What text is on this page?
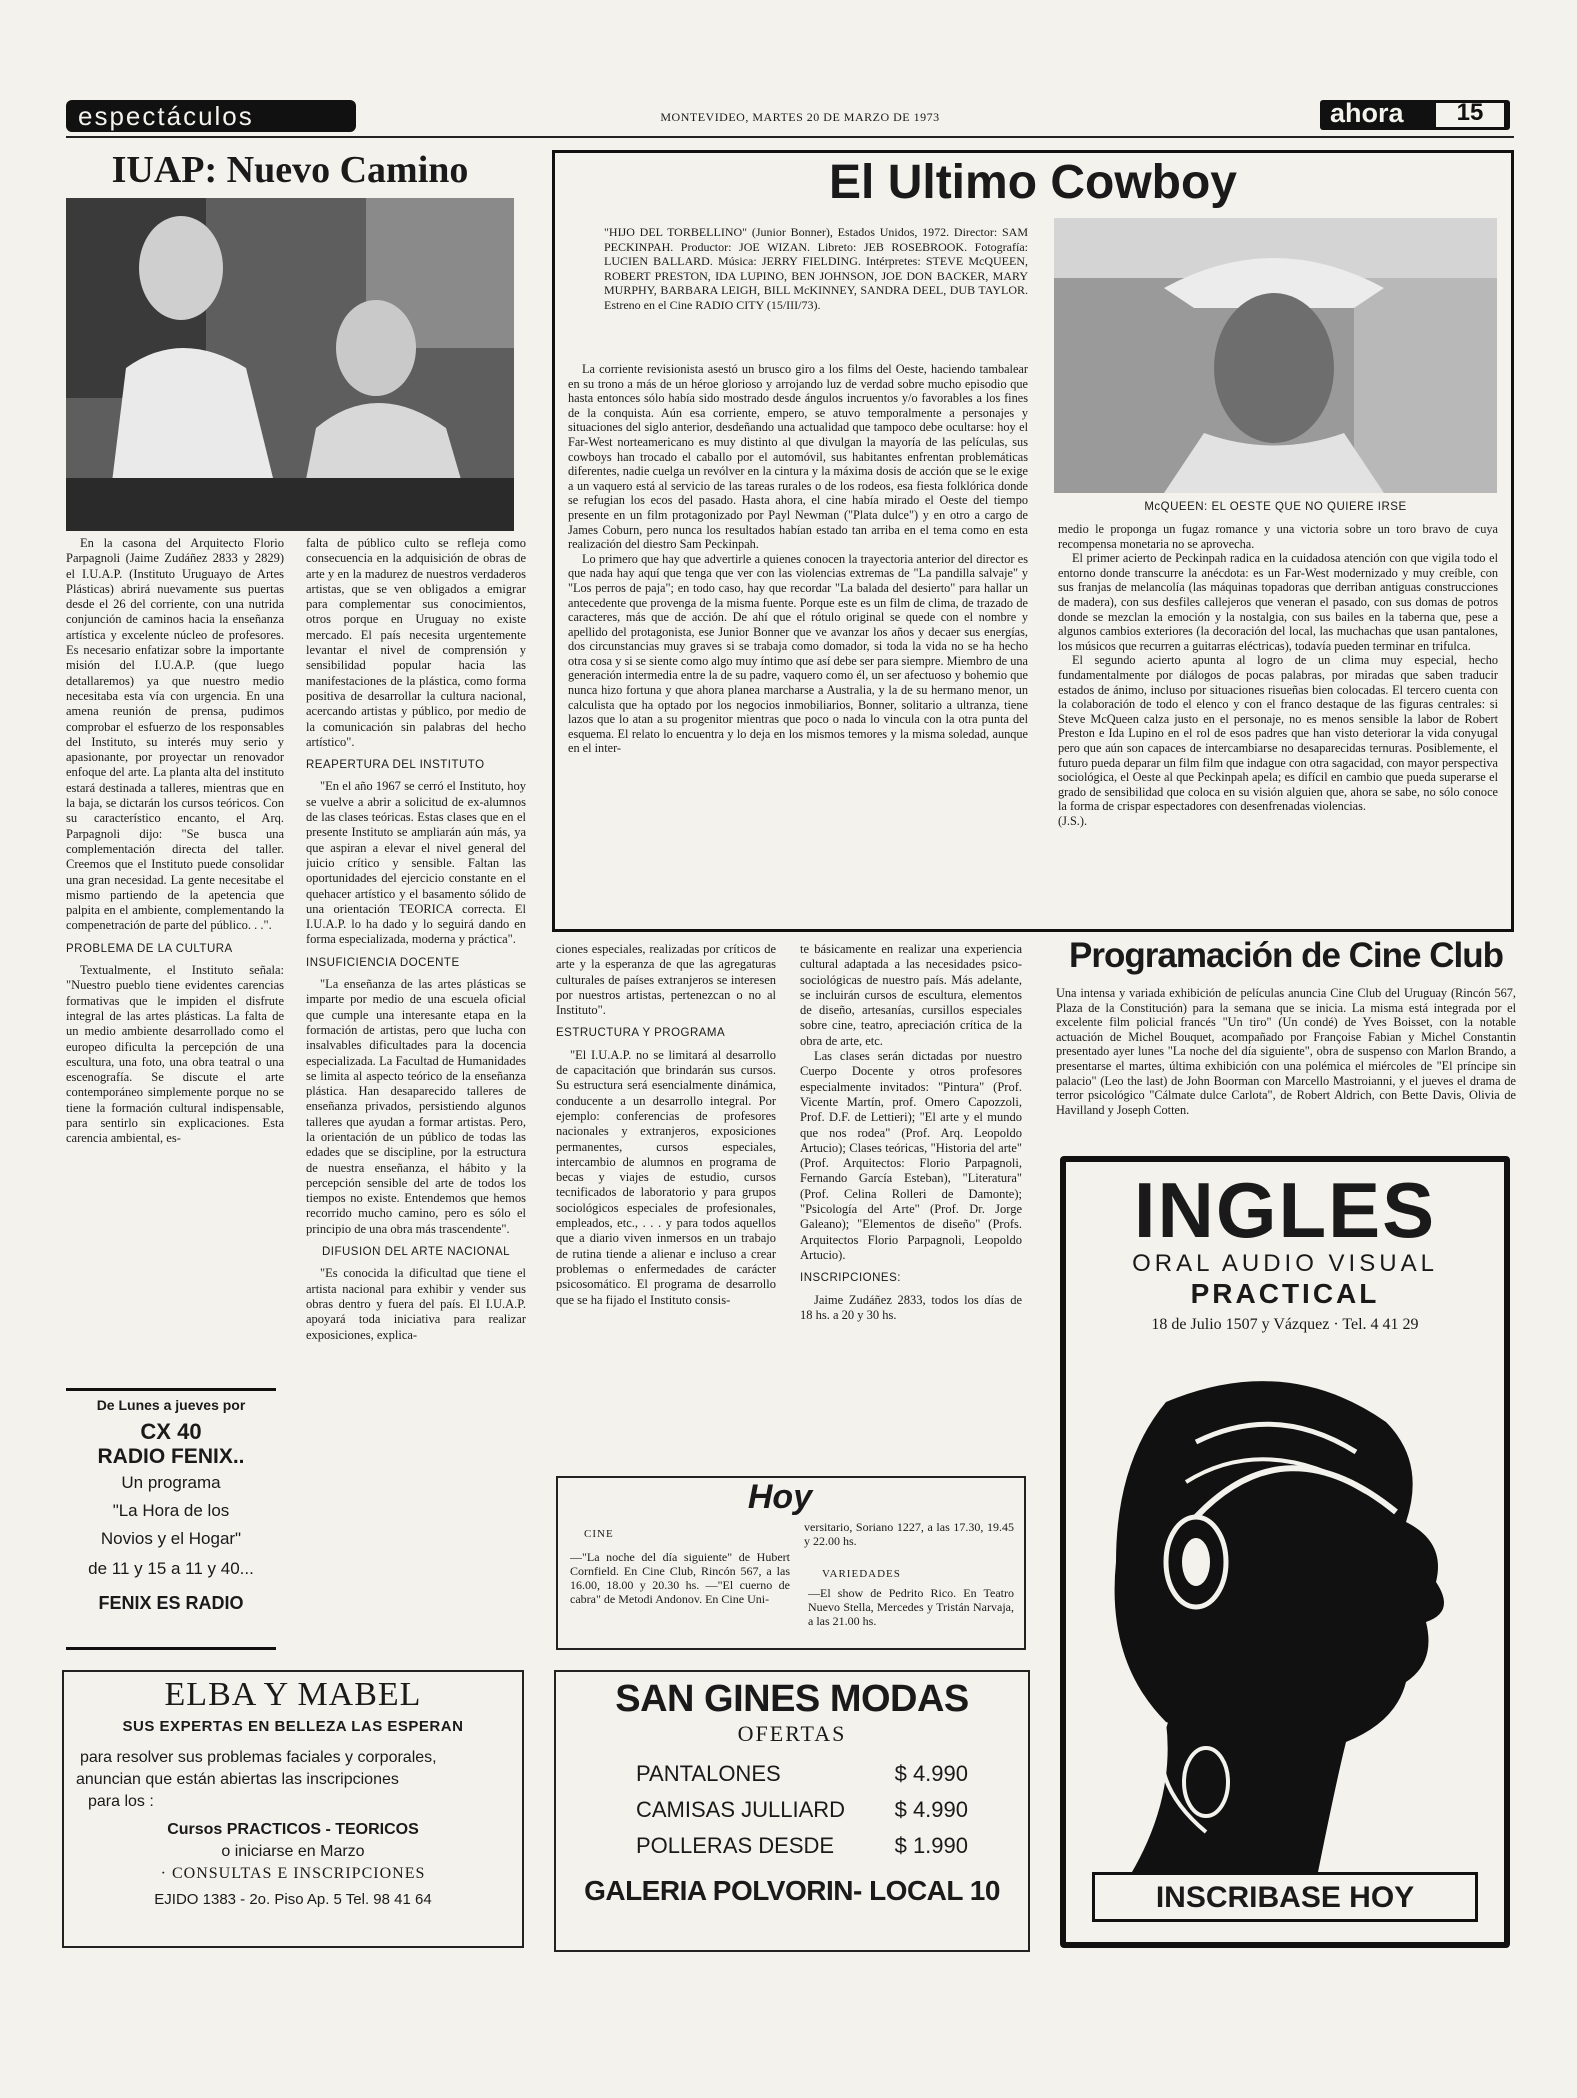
espectáculos	MONTEVIDEO, MARTES 20 DE MARZO DE 1973	ahora	15
IUAP: Nuevo Camino

En la casona del Arquitecto Florio Parpagnoli (Jaime Zudáñez 2833 y 2829) el I.U.A.P. (Instituto Uruguayo de Artes Plásticas) abrirá nuevamente sus puertas desde el 26 del corriente, con una nutrida conjunción de caminos hacia la enseñanza artística y excelente núcleo de profesores. Es necesario enfatizar sobre la importante misión del I.U.A.P. (que luego detallaremos) ya que nuestro medio necesitaba esta vía con urgencia. En una amena reunión de prensa, pudimos comprobar el esfuerzo de los responsables del Instituto, su interés muy serio y apasionante, por proyectar un renovador enfoque del arte. La planta alta del instituto estará destinada a talleres, mientras que en la baja, se dictarán los cursos teóricos. Con su característico encanto, el Arq. Parpagnoli dijo: "Se busca una complementación directa del taller. Creemos que el Instituto puede consolidar una gran necesidad. La gente necesitabe el mismo partiendo de la apetencia que palpita en el ambiente, complementando la compenetración de parte del público. . .".

PROBLEMA DE LA CULTURA

Textualmente, el Instituto señala: "Nuestro pueblo tiene evidentes carencias formativas que le impiden el disfrute integral de las artes plásticas. La falta de un medio ambiente desarrollado como el europeo dificulta la percepción de una escultura, una foto, una obra teatral o una escenografía. Se discute el arte contemporáneo simplemente porque no se tiene la formación cultural indispensable, para sentirlo sin explicaciones. Esta carencia ambiental, es-

falta de público culto se refleja como consecuencia en la adquisición de obras de arte y en la madurez de nuestros verdaderos artistas, que se ven obligados a emigrar para complementar sus conocimientos, otros porque en Uruguay no existe mercado. El país necesita urgentemente levantar el nivel de comprensión y sensibilidad popular hacia las manifestaciones de la plástica, como forma positiva de desarrollar la cultura nacional, acercando artistas y público, por medio de la comunicación sin palabras del hecho artístico".

REAPERTURA DEL INSTITUTO

"En el año 1967 se cerró el Instituto, hoy se vuelve a abrir a solicitud de ex-alumnos de las clases teóricas. Estas clases que en el presente Instituto se ampliarán aún más, ya que aspiran a elevar el nivel general del juicio crítico y sensible. Faltan las oportunidades del ejercicio constante en el quehacer artístico y el basamento sólido de una orientación TEORICA correcta. El I.U.A.P. lo ha dado y lo seguirá dando en forma especializada, moderna y práctica".

INSUFICIENCIA DOCENTE

"La enseñanza de las artes plásticas se imparte por medio de una escuela oficial que cumple una interesante etapa en la formación de artistas, pero que lucha con insalvables dificultades para la docencia especializada. La Facultad de Humanidades se limita al aspecto teórico de la enseñanza plástica. Han desaparecido talleres de enseñanza privados, persistiendo algunos talleres que ayudan a formar artistas. Pero, la orientación de un público de todas las edades que se discipline, por la estructura de nuestra enseñanza, el hábito y la percepción sensible del arte de todos los tiempos no existe. Entendemos que hemos recorrido mucho camino, pero es sólo el principio de una obra más trascendente".

DIFUSION DEL ARTE NACIONAL

"Es conocida la dificultad que tiene el artista nacional para exhibir y vender sus obras dentro y fuera del país. El I.U.A.P. apoyará toda iniciativa para realizar exposiciones, explica-

ciones especiales, realizadas por críticos de arte y la esperanza de que las agregaturas culturales de países extranjeros se interesen por nuestros artistas, pertenezcan o no al Instituto".

ESTRUCTURA Y PROGRAMA

"El I.U.A.P. no se limitará al desarrollo de capacitación que brindarán sus cursos. Su estructura será esencialmente dinámica, conducente a un desarrollo integral. Por ejemplo: conferencias de profesores nacionales y extranjeros, exposiciones permanentes, cursos especiales, intercambio de alumnos en programa de becas y viajes de estudio, cursos tecnificados de laboratorio y para grupos sociológicos especiales de profesionales, empleados, etc., . . . y para todos aquellos que a diario viven inmersos en un trabajo de rutina tiende a alienar e incluso a crear problemas o enfermedades de carácter psicosomático. El programa de desarrollo que se ha fijado el Instituto consis-

te básicamente en realizar una experiencia cultural adaptada a las necesidades psico-sociológicas de nuestro país. Más adelante, se incluirán cursos de escultura, elementos de diseño, artesanías, cursillos especiales sobre cine, teatro, apreciación crítica de la obra de arte, etc.

Las clases serán dictadas por nuestro Cuerpo Docente y otros profesores especialmente invitados: "Pintura" (Prof. Vicente Martín, prof. Omero Capozzoli, Prof. D.F. de Lettieri); "El arte y el mundo que nos rodea" (Prof. Arq. Leopoldo Artucio); Clases teóricas, "Historia del arte" (Prof. Arquitectos: Florio Parpagnoli, Fernando García Esteban), "Literatura" (Prof. Celina Rolleri de Damonte); "Psicología del Arte" (Prof. Dr. Jorge Galeano); "Elementos de diseño" (Profs. Arquitectos Florio Parpagnoli, Leopoldo Artucio).

INSCRIPCIONES:

Jaime Zudáñez 2833, todos los días de 18 hs. a 20 y 30 hs.

El Ultimo Cowboy
"HIJO DEL TORBELLINO" (Junior Bonner), Estados Unidos, 1972. Director: SAM PECKINPAH. Productor: JOE WIZAN. Libreto: JEB ROSEBROOK. Fotografía: LUCIEN BALLARD. Música: JERRY FIELDING. Intérpretes: STEVE McQUEEN, ROBERT PRESTON, IDA LUPINO, BEN JOHNSON, JOE DON BACKER, MARY MURPHY, BARBARA LEIGH, BILL McKINNEY, SANDRA DEEL, DUB TAYLOR. Estreno en el Cine RADIO CITY (15/III/73).

La corriente revisionista asestó un brusco giro a los films del Oeste, haciendo tambalear en su trono a más de un héroe glorioso y arrojando luz de verdad sobre mucho episodio que hasta entonces sólo había sido mostrado desde ángulos incruentos y/o favorables a los fines de la conquista. Aún esa corriente, empero, se atuvo temporalmente a personajes y situaciones del siglo anterior, desdeñando una actualidad que tampoco debe ocultarse: hoy el Far-West norteamericano es muy distinto al que divulgan la mayoría de las películas, sus cowboys han trocado el caballo por el automóvil, sus habitantes enfrentan problemáticas diferentes, nadie cuelga un revólver en la cintura y la máxima dosis de acción que se le exige a un vaquero está al servicio de las tareas rurales o de los rodeos, esa fiesta folklórica donde se refugian los ecos del pasado. Hasta ahora, el cine había mirado el Oeste del tiempo presente en un film protagonizado por Payl Newman ("Plata dulce") y en otro a cargo de James Coburn, pero nunca los resultados habían estado tan arriba en el tema como en esta realización del diestro Sam Peckinpah.

Lo primero que hay que advertirle a quienes conocen la trayectoria anterior del director es que nada hay aquí que tenga que ver con las violencias extremas de "La pandilla salvaje" y "Los perros de paja"; en todo caso, hay que recordar "La balada del desierto" para hallar un antecedente que provenga de la misma fuente. Porque este es un film de clima, de trazado de caracteres, más que de acción. De ahí que el rótulo original se quede con el nombre y apellido del protagonista, ese Junior Bonner que ve avanzar los años y decaer sus energías, dos circunstancias muy graves si se trabaja como domador, si toda la vida no se ha hecho otra cosa y si se siente como algo muy íntimo que así debe ser para siempre. Miembro de una generación intermedia entre la de su padre, vaquero como él, un ser afectuoso y bohemio que nunca hizo fortuna y que ahora planea marcharse a Australia, y la de su hermano menor, un calculista que ha optado por los negocios inmobiliarios, Bonner, solitario a ultranza, tiene lazos que lo atan a su progenitor mientras que poco o nada lo vincula con la otra punta del esquema. El relato lo encuentra y lo deja en los mismos temores y la misma soledad, aunque en el inter-

McQUEEN: EL OESTE QUE NO QUIERE IRSE

medio le proponga un fugaz romance y una victoria sobre un toro bravo de cuya recompensa monetaria no se aprovecha.

El primer acierto de Peckinpah radica en la cuidadosa atención con que vigila todo el entorno donde transcurre la anécdota: es un Far-West modernizado y muy creíble, con sus franjas de melancolía (las máquinas topadoras que derriban antiguas construcciones de madera), con sus desfiles callejeros que veneran el pasado, con sus domas de potros donde se mezclan la emoción y la nostalgia, con sus bailes en la taberna que, pese a algunos cambios exteriores (la decoración del local, las muchachas que usan pantalones, los músicos que recurren a guitarras eléctricas), todavía pueden terminar en trifulca.

El segundo acierto apunta al logro de un clima muy especial, hecho fundamentalmente por diálogos de pocas palabras, por miradas que saben traducir estados de ánimo, incluso por situaciones risueñas bien colocadas. El tercero cuenta con la colaboración de todo el elenco y con el franco destaque de las figuras centrales: si Steve McQueen calza justo en el personaje, no es menos sensible la labor de Robert Preston e Ida Lupino en el rol de esos padres que han visto deteriorar la vida conyugal pero que aún son capaces de intercambiarse no desaparecidas ternuras. Posiblemente, el futuro pueda deparar un film film que indague con otra sagacidad, con mayor perspectiva sociológica, el Oeste al que Peckinpah apela; es difícil en cambio que pueda superarse el grado de sensibilidad que coloca en su visión alguien que, ahora se sabe, no sólo conoce la forma de crispar espectadores con desenfrenadas violencias.

(J.S.).

Programación de Cine Club
Una intensa y variada exhibición de películas anuncia Cine Club del Uruguay (Rincón 567, Plaza de la Constitución) para la semana que se inicia. La misma está integrada por el excelente film policial francés "Un tiro" (Un condé) de Yves Boisset, con la notable actuación de Michel Bouquet, acompañado por Françoise Fabian y Michel Constantin presentado ayer lunes "La noche del día siguiente", obra de suspenso con Marlon Brando, a presentarse el martes, última exhibición con una polémica el miércoles de "El príncipe sin palacio" (Leo the last) de John Boorman con Marcello Mastroianni, y el jueves el drama de terror psicológico "Cálmate dulce Carlota", de Robert Aldrich, con Bette Davis, Olivia de Havilland y Joseph Cotten.
De Lunes a jueves por
CX 40
RADIO FENIX..
Un programa
"La Hora de los
Novios y el Hogar"
de 11 y 15 a 11 y 40...
FENIX ES RADIO
Hoy
CINE
—"La noche del día siguiente" de Hubert Cornfield. En Cine Club, Rincón 567, a las 16.00, 18.00 y 20.30 hs. —"El cuerno de cabra" de Metodi Andonov. En Cine Uni-
versitario, Soriano 1227, a las 17.30, 19.45 y 22.00 hs.
VARIEDADES
—El show de Pedrito Rico. En Teatro Nuevo Stella, Mercedes y Tristán Narvaja, a las 21.00 hs.
ELBA Y MABEL
SUS EXPERTAS EN BELLEZA LAS ESPERAN
para resolver sus problemas faciales y corporales,
anuncian que están abiertas las inscripciones
para los :
Cursos PRACTICOS - TEORICOS
o iniciarse en Marzo
· CONSULTAS E INSCRIPCIONES
EJIDO 1383 - 2o. Piso Ap. 5 Tel. 98 41 64
SAN GINES MODAS
OFERTAS
PANTALONES	$ 4.990
CAMISAS JULLIARD $ 4.990
POLLERAS DESDE	$ 1.990
GALERIA POLVORIN- LOCAL 10
INGLES
ORAL AUDIO VISUAL
PRACTICAL
18 de Julio 1507 y Vázquez · Tel. 4 41 29
INSCRIBASE HOY
